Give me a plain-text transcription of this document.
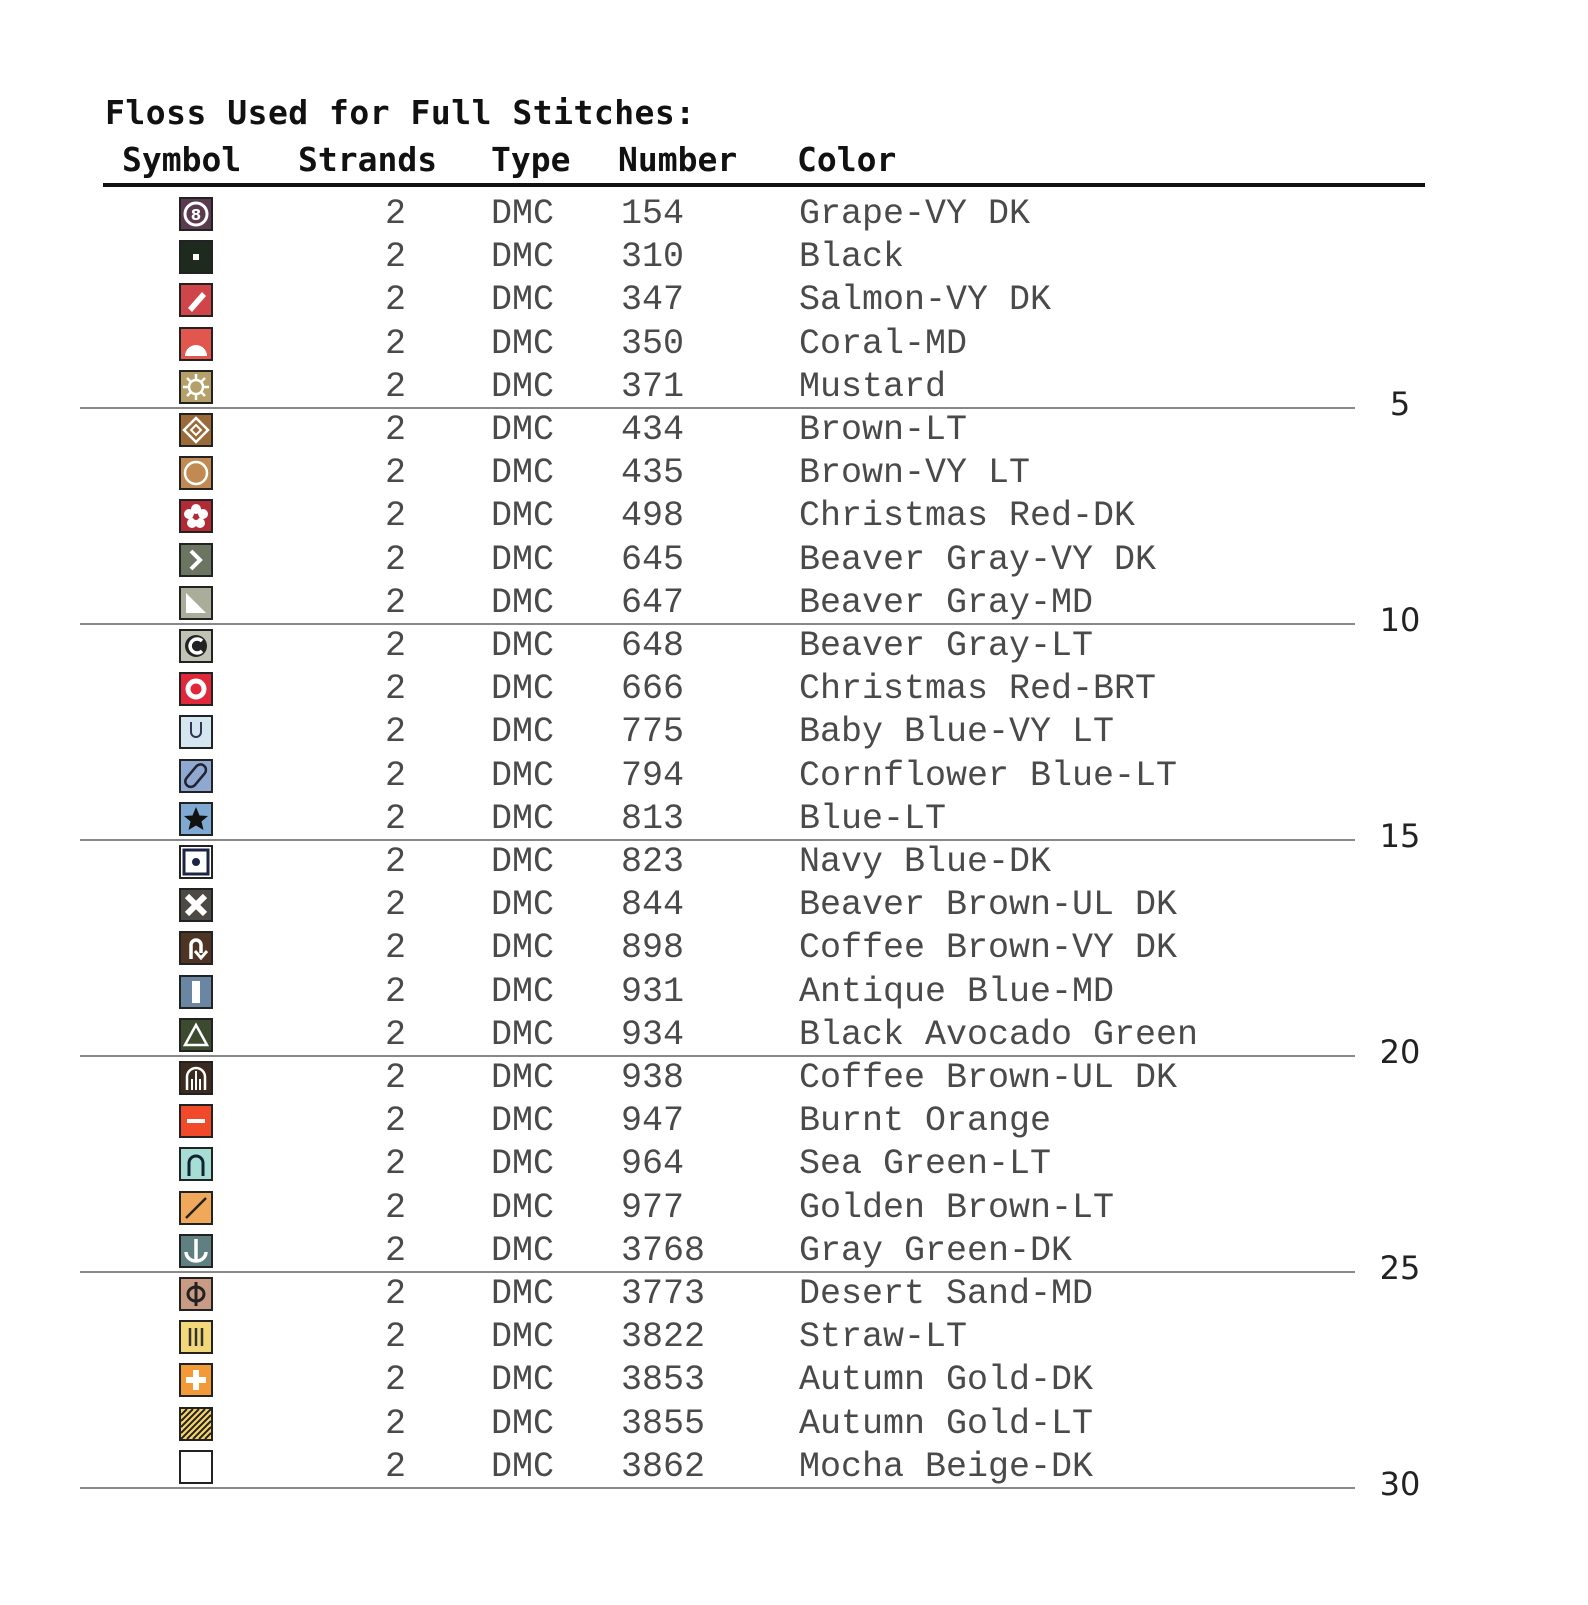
Floss Used for Full Stitches:
Symbol Strands Type Number Color
8	2 DMC 154	Grape-VY DK
2 DMC 310	Black
2 DMC 347	Salmon-VY DK
2 DMC 350	Coral-MD
2 DMC 371	Mustard	5
2 DMC 434	Brown-LT
2 DMC 435	Brown-VY LT
2 DMC 498	Christmas Red-DK
2 DMC 645	Beaver Gray-VY DK
2 DMC 647	Beaver Gray-MD	10
2 DMC 648	Beaver Gray-LT
2 DMC 666	Christmas Red-BRT
2 DMC 775	Baby Blue-VY LT
2 DMC 794	Cornflower Blue-LT
2 DMC 813	Blue-LT	15
2 DMC 823	Navy Blue-DK
2 DMC 844	Beaver Brown-UL DK
2 DMC 898	Coffee Brown-VY DK
2 DMC 931	Antique Blue-MD
2 DMC 934	Black Avocado Green	20
2 DMC 938	Coffee Brown-UL DK
2 DMC 947	Burnt Orange
2 DMC 964	Sea Green-LT
2 DMC 977	Golden Brown-LT
2 DMC 3768	Gray Green-DK	25
2 DMC 3773	Desert Sand-MD
2 DMC 3822	Straw-LT
2 DMC 3853	Autumn Gold-DK
2 DMC 3855	Autumn Gold-LT
2 DMC 3862	Mocha Beige-DK	30
